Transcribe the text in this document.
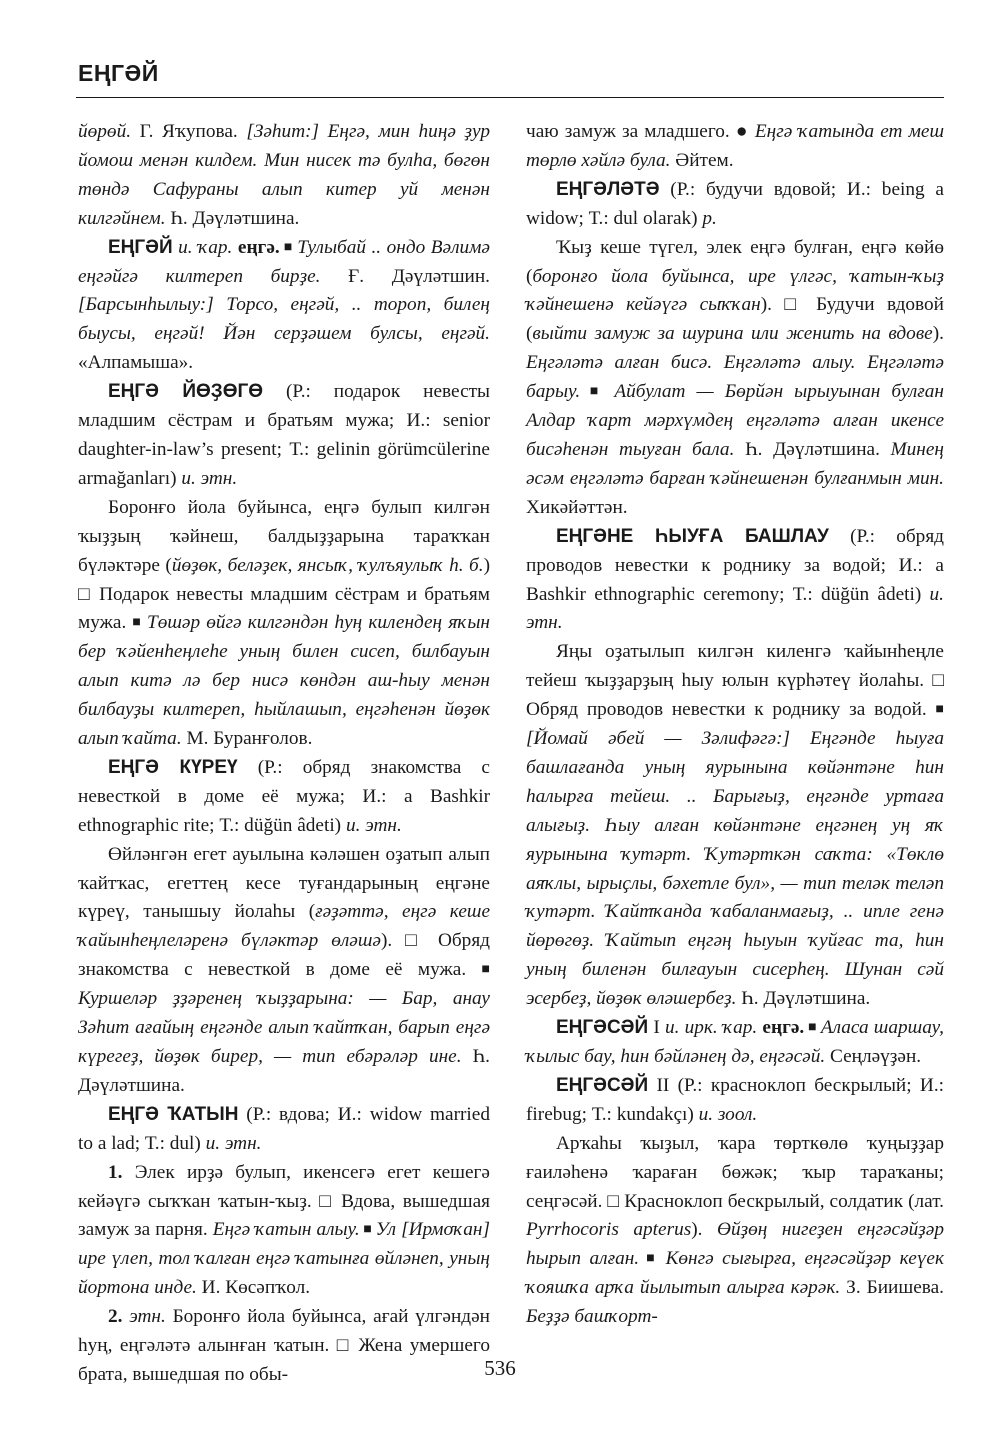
ЕҢГӘЙ

йөрөй. Г. Яҡупова. [Зәһит:] Еңгә, мин һиңә ҙур йомош менән килдем. Мин нисек тә булһа, бөгөн төндә Сафураны алып китер уй менән килгәйнем. Һ. Дәүләтшина.

ЕҢГӘЙ и. ҡар. еңгә. ■ Тулыбай .. ондо Вәлимә еңгәйгә килтереп бирҙе. Ғ. Дәүләтшин. [Барсынһылыу:] Торсо, еңгәй, .. тороп, билең быусы, еңгәй! Йән серҙәшем булсы, еңгәй. «Алпамыша».

ЕҢГӘ ЙӨҘӨГӨ (Р.: подарок невесты младшим сёстрам и братьям мужа; И.: senior daughter-in-law’s present; Т.: gelinin görümcülerine armağanları) и. этн.

Боронғо йола буйынса, еңгә булып килгән ҡыҙҙың ҡәйнеш, балдыҙҙарына тараҡҡан бүләктәре (йөҙөк, беләҙек, янсыҡ, ҡулъяулыҡ һ. б.) □ Подарок невесты младшим сёстрам и братьям мужа. ■ Төшәр өйгә килгәндән һуң килендең яҡын бер ҡәйенһеңлеһе уның билен сисеп, билбауын алып китә лә бер нисә көндән аш-һыу менән билбауҙы килтереп, һыйлашып, еңгәһенән йөҙөк алып ҡайта. М. Буранғолов.

ЕҢГӘ КҮРЕҮ (Р.: обряд знакомства с невесткой в доме её мужа; И.: a Bashkir ethnographic rite; Т.: düğün âdeti) и. этн.

Өйләнгән егет ауылына кәләшен оҙатып алып ҡайтҡас, егеттең кесе туғандарының еңгәне күреү, танышыу йолаһы (ғәҙәттә, еңгә кеше ҡайынһеңлеләренә бүләктәр өләшә). □ Обряд знакомства с невесткой в доме её мужа. ■ Куршеләр ҙҙәренең ҡыҙҙарына: — Бар, анау Зәһит ағайың еңгәнде алып ҡайтҡан, барып еңгә күрегеҙ, йөҙөк бирер, — тип ебәрәләр ине. Һ. Дәүләтшина.

ЕҢГӘ ҠАТЫН (Р.: вдова; И.: widow married to a lad; Т.: dul) и. этн.

1. Элек ирҙә булып, икенсегә егет кешегә кейәүгә сыҡҡан ҡатын-ҡыҙ. □ Вдова, вышедшая замуж за парня. Еңгә ҡатын алыу. ■ Ул [Ирмоҡан] ире үлеп, тол ҡалған еңгә ҡатынға өйләнеп, уның йортона инде. И. Көсәпҡол.

2. этн. Боронғо йола буйынса, ағай үлгәндән һуң, еңгәләтә алынған ҡатын. □ Жена умершего брата, вышедшая по обы-

чаю замуж за младшего. ● Еңгә ҡатында ет меш төрлө хәйлә була. Әйтем.

ЕҢГӘЛӘТӘ (Р.: будучи вдовой; И.: being a widow; Т.: dul olarak) р.

Ҡыҙ кеше түгел, элек еңгә булған, еңгә көйө (боронғо йола буйынса, ире үлгәс, ҡатын-ҡыҙ ҡәйнешенә кейәүгә сыҡҡан). □ Будучи вдовой (выйти замуж за шурина или женить на вдове). Еңгәләтә алған бисә. Еңгәләтә алыу. Еңгәләтә барыу. ■ Айбулат — Бөрйән ырыуынан булған Алдар ҡарт мәрхүмдең еңгәләтә алған икенсе бисәһенән тыуған бала. Һ. Дәүләтшина. Минең әсәм еңгәләтә барған ҡәйнешенән булғанмын мин. Хикәйәттән.

ЕҢГӘНЕ ҺЫУҒА БАШЛАУ (Р.: обряд проводов невестки к роднику за водой; И.: a Bashkir ethnographic ceremony; Т.: düğün âdeti) и. этн.

Яңы оҙатылып килгән киленгә ҡайынһеңле тейеш ҡыҙҙарҙың һыу юлын күрһәтеү йолаһы. □ Обряд проводов невестки к роднику за водой. ■ [Йомай әбей — Зәлифәгә:] Еңгәнде һыуға башлағанда уның яурынына көйәнтәне һин һалырға тейеш. .. Барығыҙ, еңгәнде уртаға алығыҙ. Һыу алған көйәнтәне еңгәнең уң яҡ яурынына ҡутәрт. Ҡутәрткән саҡта: «Төклө аяҡлы, ырыҫлы, бәхетле бул», — тип теләк теләп ҡутәрт. Ҡайтҡанда ҡабаланмағыҙ, .. ипле генә йөрөгөҙ. Ҡайтып еңгәң һыуын ҡуйғас та, һин уның биленән билғауын сисерһең. Шунан сәй эсербеҙ, йөҙөк өләшербеҙ. Һ. Дәүләтшина.

ЕҢГӘСӘЙ I и. ирк. ҡар. еңгә. ■ Аласа шаршау, ҡылыс бау, һин бәйләнең дә, еңгәсәй. Сеңләүҙән.

ЕҢГӘСӘЙ II (Р.: красноклоп бескрылый; И.: firebug; Т.: kundakçı) и. зоол.

Арҡаһы ҡыҙыл, ҡара төрткөлө ҡуңыҙҙар ғаиләһенә ҡараған бөжәк; ҡыр тараҡаны; сеңгәсәй. □ Красноклоп бескрылый, солдатик (лат. Pyrrhocoris apterus). Өйҙөң нигеҙен еңгәсәйҙәр һырып алған. ■ Көнгә сығырға, еңгәсәйҙәр кеүек ҡояшҡа арҡа йылытып алырға кәрәк. З. Биишева. Беҙҙә башҡорт-

536
